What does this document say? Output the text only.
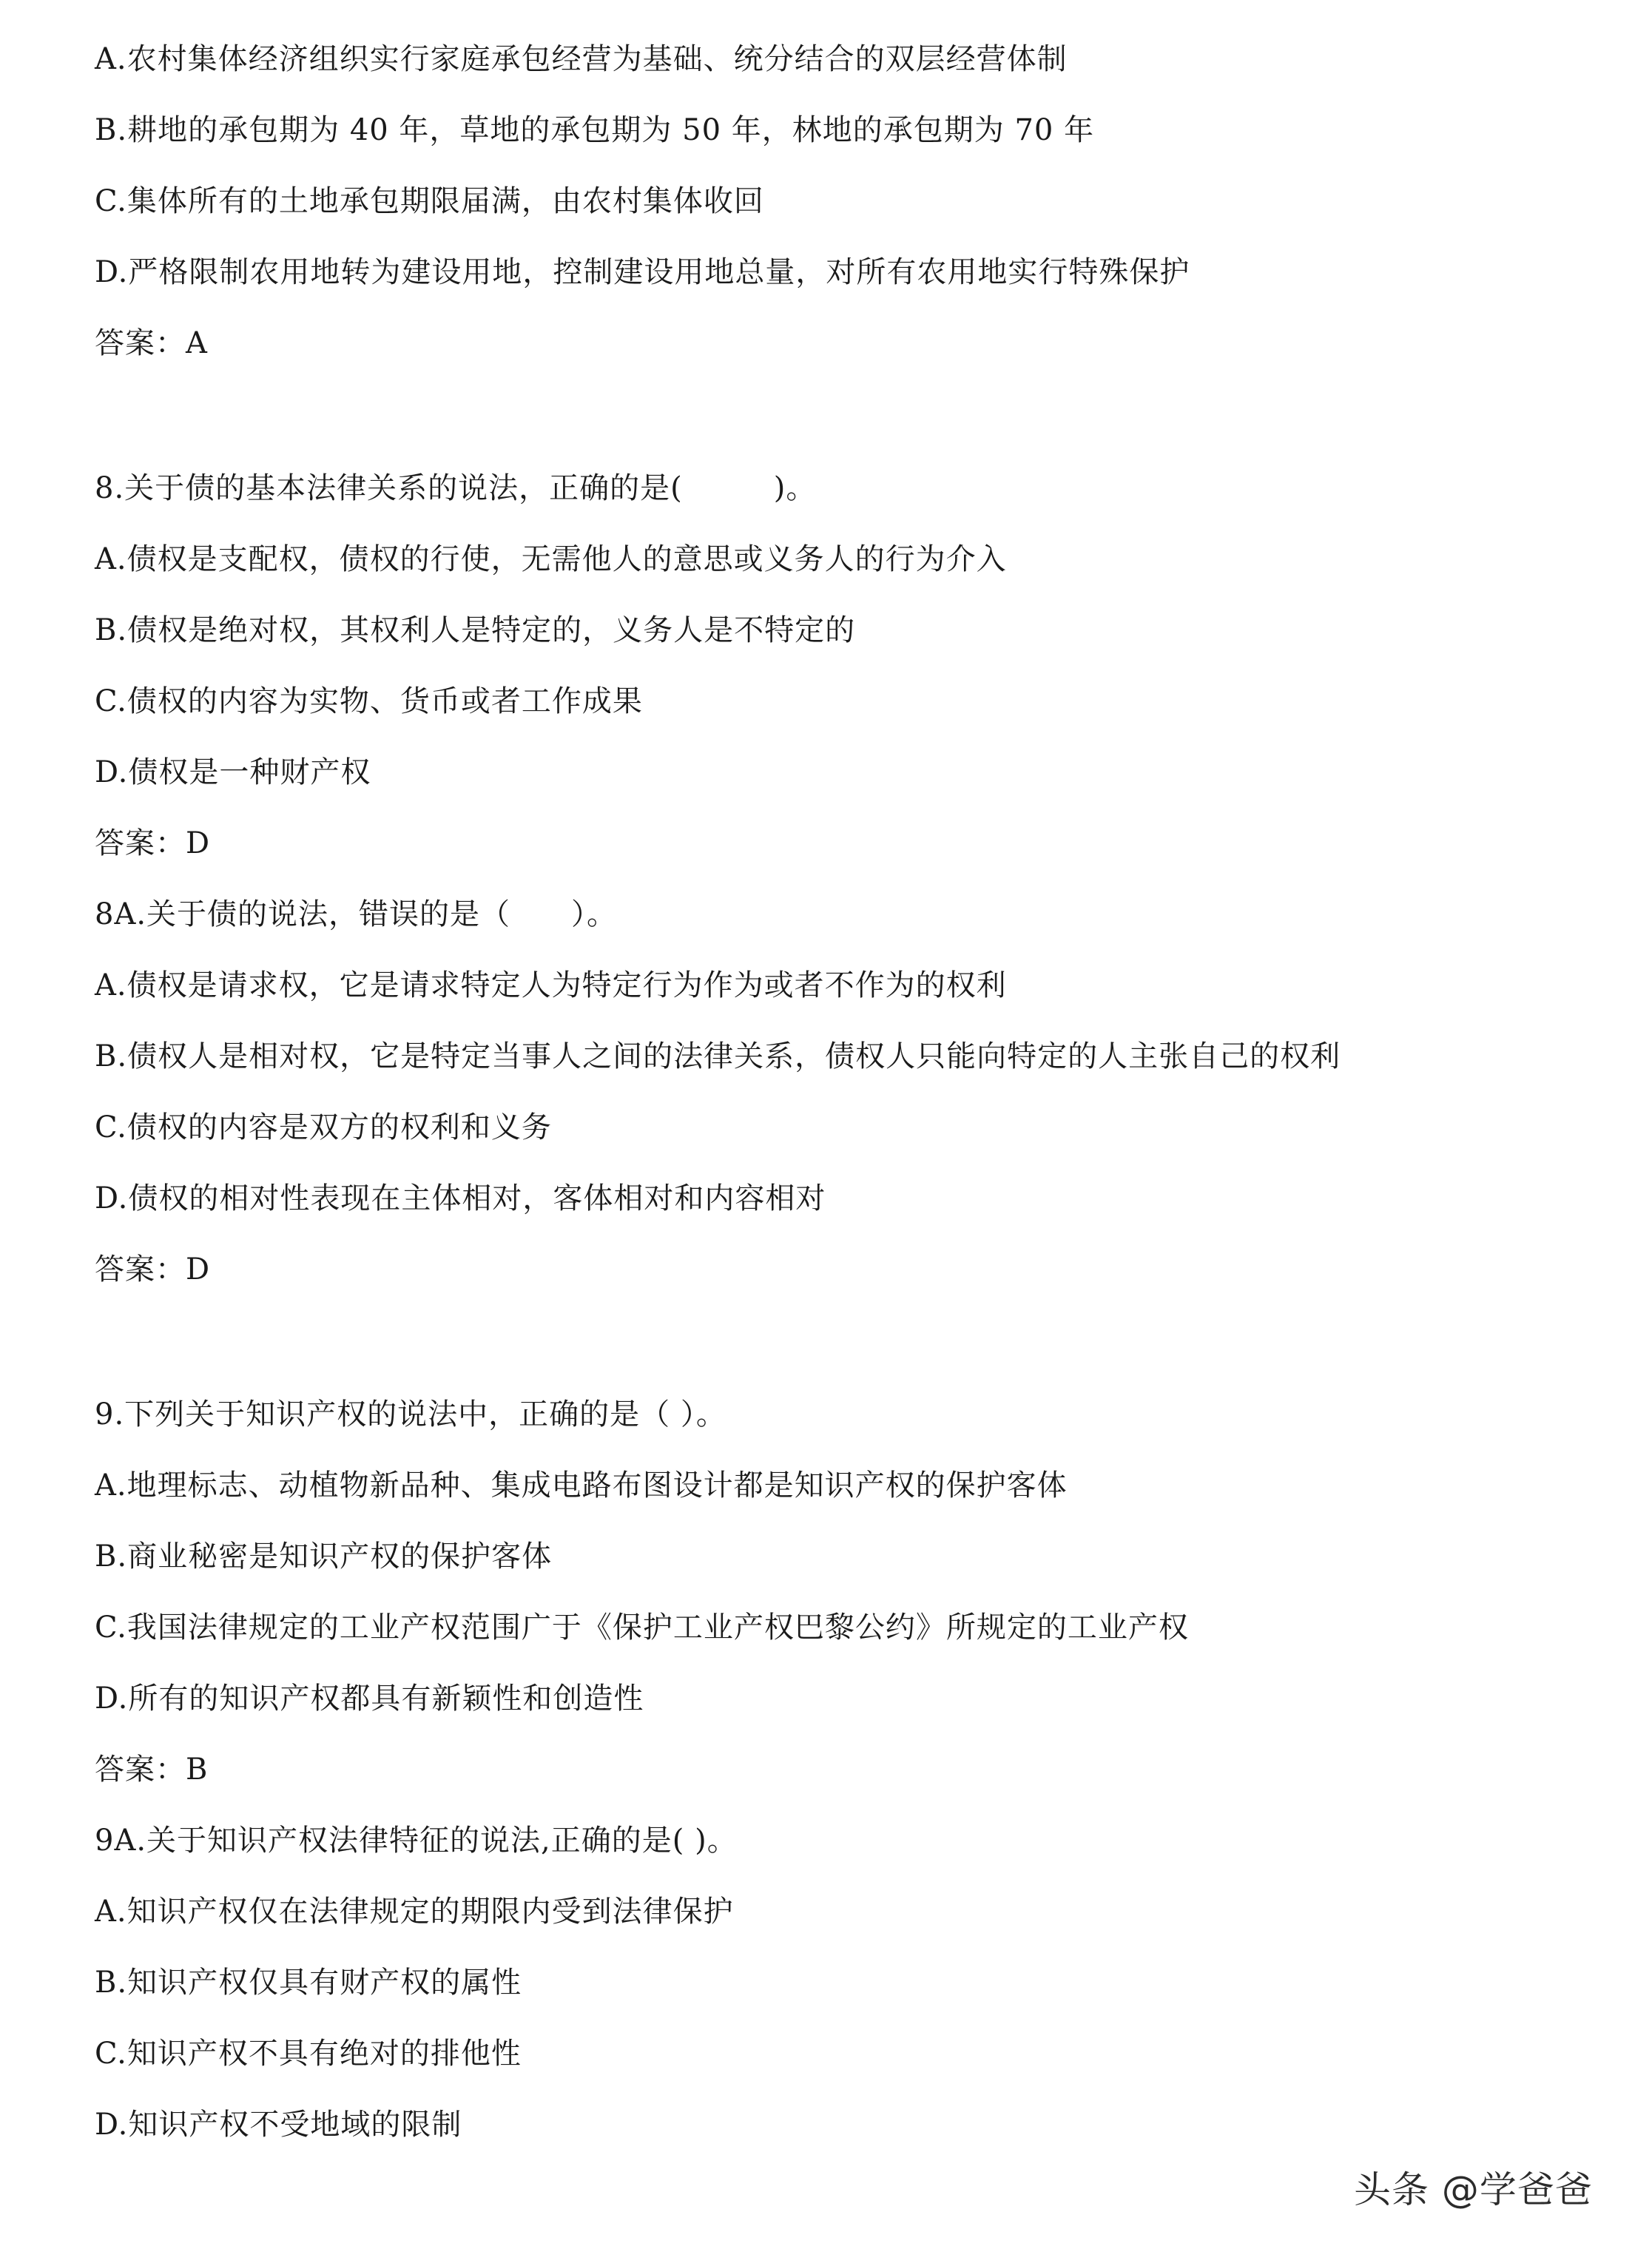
A.农村集体经济组织实行家庭承包经营为基础、统分结合的双层经营体制
B.耕地的承包期为 40 年，草地的承包期为 50 年，林地的承包期为 70 年
C.集体所有的土地承包期限届满，由农村集体收回
D.严格限制农用地转为建设用地，控制建设用地总量，对所有农用地实行特殊保护
答案：A
8.关于债的基本法律关系的说法，正确的是(　　　)。
A.债权是支配权，债权的行使，无需他人的意思或义务人的行为介入
B.债权是绝对权，其权利人是特定的，义务人是不特定的
C.债权的内容为实物、货币或者工作成果
D.债权是一种财产权
答案：D
8A.关于债的说法，错误的是（　　）。
A.债权是请求权，它是请求特定人为特定行为作为或者不作为的权利
B.债权人是相对权，它是特定当事人之间的法律关系，债权人只能向特定的人主张自己的权利
C.债权的内容是双方的权利和义务
D.债权的相对性表现在主体相对，客体相对和内容相对
答案：D
9.下列关于知识产权的说法中，正确的是（ ）。
A.地理标志、动植物新品种、集成电路布图设计都是知识产权的保护客体
B.商业秘密是知识产权的保护客体
C.我国法律规定的工业产权范围广于《保护工业产权巴黎公约》所规定的工业产权
D.所有的知识产权都具有新颖性和创造性
答案：B
9A.关于知识产权法律特征的说法,正确的是( )。
A.知识产权仅在法律规定的期限内受到法律保护
B.知识产权仅具有财产权的属性
C.知识产权不具有绝对的排他性
D.知识产权不受地域的限制
头条 @学爸爸
